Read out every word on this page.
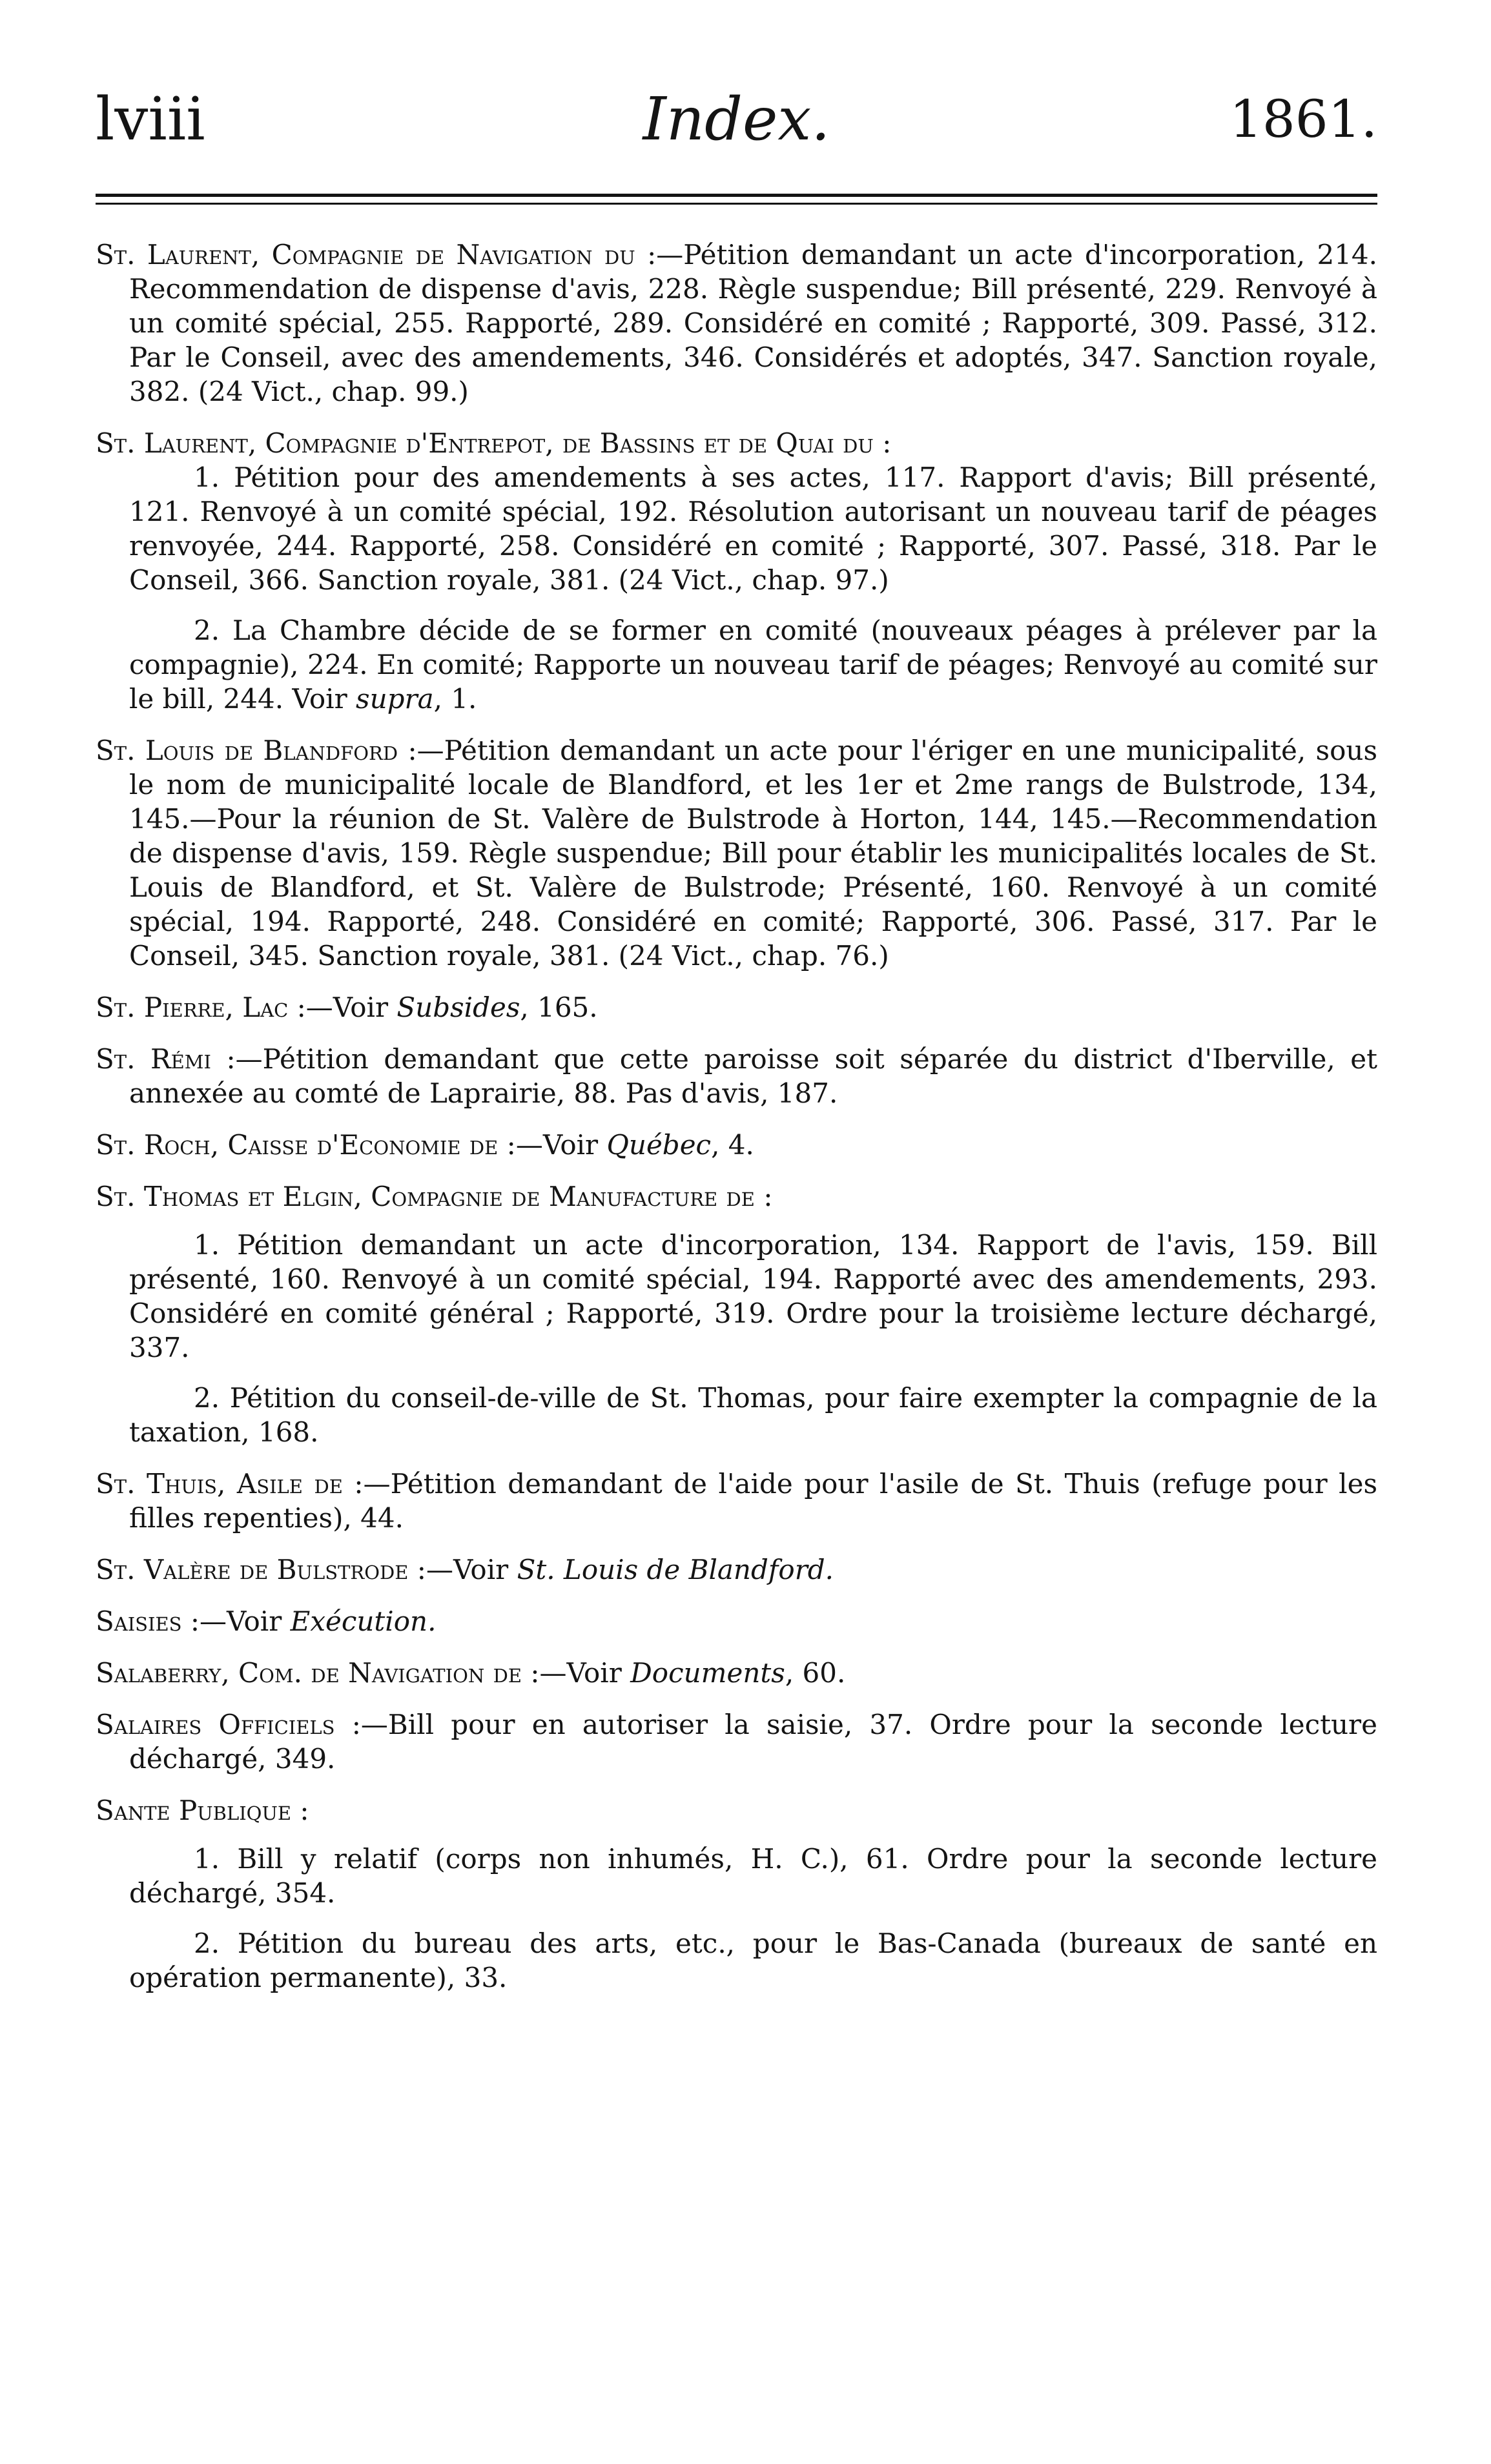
lviii	Index.	1861.

St. Laurent, Compagnie de Navigation du :—Pétition demandant un acte d'incorporation, 214. Recommendation de dispense d'avis, 228. Règle suspendue; Bill présenté, 229. Renvoyé à un comité spécial, 255. Rapporté, 289. Considéré en comité ; Rapporté, 309. Passé, 312. Par le Conseil, avec des amendements, 346. Considérés et adoptés, 347. Sanction royale, 382. (24 Vict., chap. 99.)

St. Laurent, Compagnie d'Entrepot, de Bassins et de Quai du :

1. Pétition pour des amendements à ses actes, 117. Rapport d'avis; Bill présenté, 121. Renvoyé à un comité spécial, 192. Résolution autorisant un nouveau tarif de péages renvoyée, 244. Rapporté, 258. Considéré en comité ; Rapporté, 307. Passé, 318. Par le Conseil, 366. Sanction royale, 381. (24 Vict., chap. 97.)

2. La Chambre décide de se former en comité (nouveaux péages à prélever par la compagnie), 224. En comité; Rapporte un nouveau tarif de péages; Renvoyé au comité sur le bill, 244. Voir supra, 1.

St. Louis de Blandford :—Pétition demandant un acte pour l'ériger en une municipalité, sous le nom de municipalité locale de Blandford, et les 1er et 2me rangs de Bulstrode, 134, 145.—Pour la réunion de St. Valère de Bulstrode à Horton, 144, 145.—Recommendation de dispense d'avis, 159. Règle suspendue; Bill pour établir les municipalités locales de St. Louis de Blandford, et St. Valère de Bulstrode; Présenté, 160. Renvoyé à un comité spécial, 194. Rapporté, 248. Considéré en comité; Rapporté, 306. Passé, 317. Par le Conseil, 345. Sanction royale, 381. (24 Vict., chap. 76.)

St. Pierre, Lac :—Voir Subsides, 165.

St. Rémi :—Pétition demandant que cette paroisse soit séparée du district d'Iberville, et annexée au comté de Laprairie, 88. Pas d'avis, 187.

St. Roch, Caisse d'Economie de :—Voir Québec, 4.

St. Thomas et Elgin, Compagnie de Manufacture de :

1. Pétition demandant un acte d'incorporation, 134. Rapport de l'avis, 159. Bill présenté, 160. Renvoyé à un comité spécial, 194. Rapporté avec des amendements, 293. Considéré en comité général ; Rapporté, 319. Ordre pour la troisième lecture déchargé, 337.

2. Pétition du conseil-de-ville de St. Thomas, pour faire exempter la compagnie de la taxation, 168.

St. Thuis, Asile de :—Pétition demandant de l'aide pour l'asile de St. Thuis (refuge pour les filles repenties), 44.

St. Valère de Bulstrode :—Voir St. Louis de Blandford.

Saisies :—Voir Exécution.

Salaberry, Com. de Navigation de :—Voir Documents, 60.

Salaires Officiels :—Bill pour en autoriser la saisie, 37. Ordre pour la seconde lecture déchargé, 349.

Sante Publique :

1. Bill y relatif (corps non inhumés, H. C.), 61. Ordre pour la seconde lecture déchargé, 354.

2. Pétition du bureau des arts, etc., pour le Bas-Canada (bureaux de santé en opération permanente), 33.
